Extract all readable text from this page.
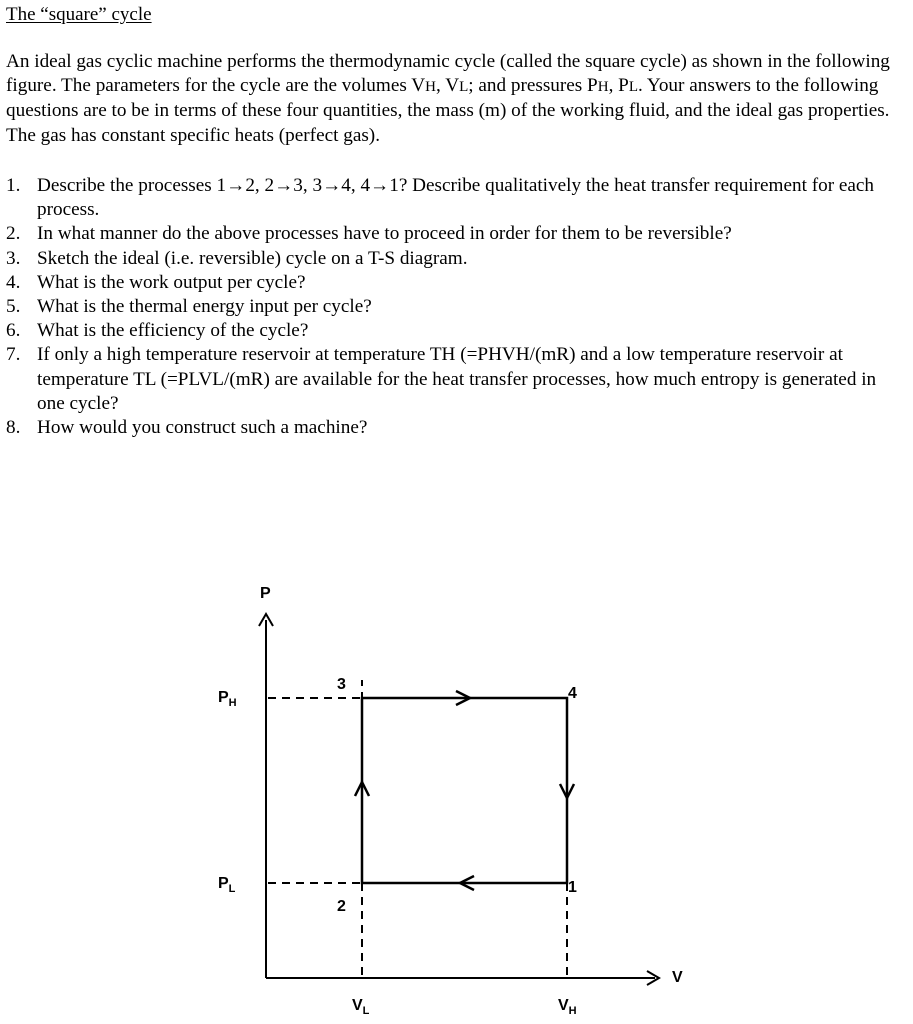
The “square” cycle

An ideal gas cyclic machine performs the thermodynamic cycle (called the square cycle) as shown in the following figure. The parameters for the cycle are the volumes VH, VL; and pressures PH, PL. Your answers to the following questions are to be in terms of these four quantities, the mass (m) of the working fluid, and the ideal gas properties. The gas has constant specific heats (perfect gas).

1. Describe the processes 1→2, 2→3, 3→4, 4→1? Describe qualitatively the heat transfer requirement for each process.
2. In what manner do the above processes have to proceed in order for them to be reversible?
3. Sketch the ideal (i.e. reversible) cycle on a T-S diagram.
4. What is the work output per cycle?
5. What is the thermal energy input per cycle?
6. What is the efficiency of the cycle?
7. If only a high temperature reservoir at temperature TH (=PHVH/(mR) and a low temperature reservoir at temperature TL (=PLVL/(mR) are available for the heat transfer processes, how much entropy is generated in one cycle?
8. How would you construct such a machine?
P
V
$P_H$
$P_L$
$V_L$	$V_H$
3
4
1
2
